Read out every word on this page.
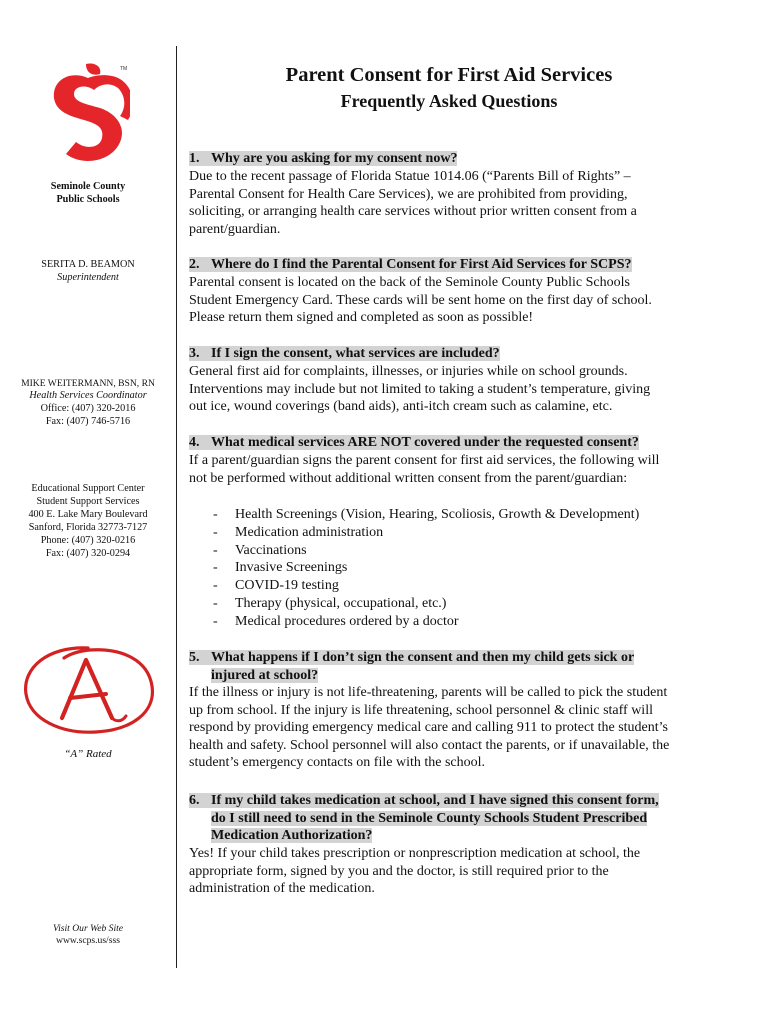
TM
Seminole County
Public Schools
SERITA D. BEAMON
Superintendent
MIKE WEITERMANN, BSN, RN
Health Services Coordinator
Office: (407) 320-2016
Fax: (407) 746-5716
Educational Support Center
Student Support Services
400 E. Lake Mary Boulevard
Sanford, Florida 32773-7127
Phone: (407) 320-0216
Fax: (407) 320-0294
“A” Rated
Visit Our Web Site
www.scps.us/sss
Parent Consent for First Aid Services
Frequently Asked Questions
1. Why are you asking for my consent now?
Due to the recent passage of Florida Statue 1014.06 (“Parents Bill of Rights” –
Parental Consent for Health Care Services), we are prohibited from providing,
soliciting, or arranging health care services without prior written consent from a
parent/guardian.
2. Where do I find the Parental Consent for First Aid Services for SCPS?
Parental consent is located on the back of the Seminole County Public Schools
Student Emergency Card. These cards will be sent home on the first day of school.
Please return them signed and completed as soon as possible!
3. If I sign the consent, what services are included?
General first aid for complaints, illnesses, or injuries while on school grounds.
Interventions may include but not limited to taking a student’s temperature, giving
out ice, wound coverings (band aids), anti-itch cream such as calamine, etc.
4. What medical services ARE NOT covered under the requested consent?
If a parent/guardian signs the parent consent for first aid services, the following will
not be performed without additional written consent from the parent/guardian:
- Health Screenings (Vision, Hearing, Scoliosis, Growth & Development)
- Medication administration
- Vaccinations
- Invasive Screenings
- COVID-19 testing
- Therapy (physical, occupational, etc.)
- Medical procedures ordered by a doctor
5. What happens if I don’t sign the consent and then my child gets sick or
injured at school?
If the illness or injury is not life-threatening, parents will be called to pick the student
up from school. If the injury is life threatening, school personnel & clinic staff will
respond by providing emergency medical care and calling 911 to protect the student’s
health and safety. School personnel will also contact the parents, or if unavailable, the
student’s emergency contacts on file with the school.
6. If my child takes medication at school, and I have signed this consent form,
do I still need to send in the Seminole County Schools Student Prescribed
Medication Authorization?
Yes! If your child takes prescription or nonprescription medication at school, the
appropriate form, signed by you and the doctor, is still required prior to the
administration of the medication.
